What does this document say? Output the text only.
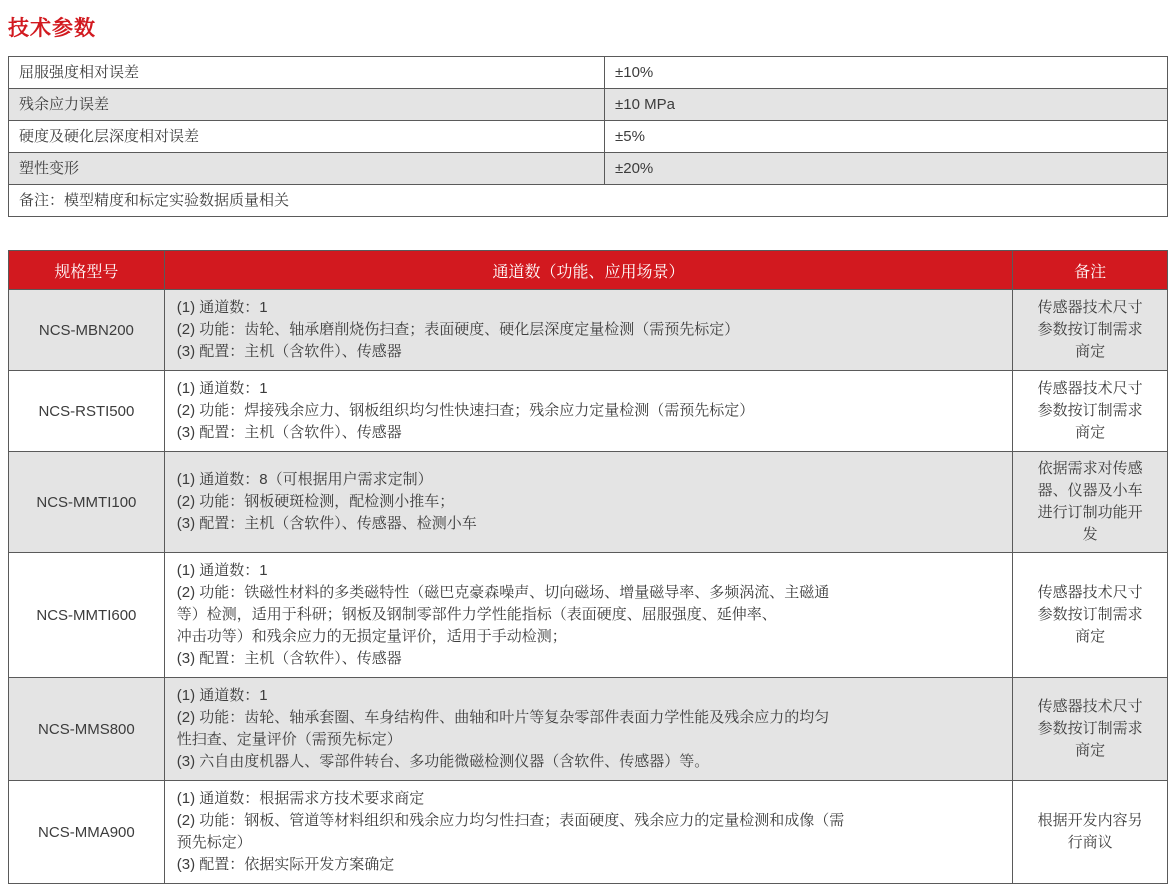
技术参数
屈服强度相对误差	±10%
残余应力误差	±10 MPa
硬度及硬化层深度相对误差	±5%
塑性变形	±20%
备注：模型精度和标定实验数据质量相关	
规格型号	通道数（功能、应用场景）	备注
NCS-MBN200	(1) 通道数：1
(2) 功能：齿轮、轴承磨削烧伤扫查；表面硬度、硬化层深度定量检测（需预先标定）
(3) 配置：主机（含软件）、传感器	传感器技术尺寸参数按订制需求商定
NCS-RSTI500	(1) 通道数：1
(2) 功能：焊接残余应力、钢板组织均匀性快速扫查；残余应力定量检测（需预先标定）
(3) 配置：主机（含软件）、传感器	传感器技术尺寸参数按订制需求商定
NCS-MMTI100	(1) 通道数：8（可根据用户需求定制）
(2) 功能：钢板硬斑检测，配检测小推车；
(3) 配置：主机（含软件）、传感器、检测小车	依据需求对传感器、仪器及小车进行订制功能开发
NCS-MMTI600	(1) 通道数：1
(2) 功能：铁磁性材料的多类磁特性（磁巴克豪森噪声、切向磁场、增量磁导率、多频涡流、主磁通
等）检测，适用于科研；钢板及钢制零部件力学性能指标（表面硬度、屈服强度、延伸率、
冲击功等）和残余应力的无损定量评价，适用于手动检测；
(3) 配置：主机（含软件）、传感器	传感器技术尺寸参数按订制需求商定
NCS-MMS800	(1) 通道数：1
(2) 功能：齿轮、轴承套圈、车身结构件、曲轴和叶片等复杂零部件表面力学性能及残余应力的均匀
性扫查、定量评价（需预先标定）
(3) 六自由度机器人、零部件转台、多功能微磁检测仪器（含软件、传感器）等。	传感器技术尺寸参数按订制需求商定
NCS-MMA900	(1) 通道数：根据需求方技术要求商定
(2) 功能：钢板、管道等材料组织和残余应力均匀性扫查；表面硬度、残余应力的定量检测和成像（需
预先标定）
(3) 配置：依据实际开发方案确定	根据开发内容另行商议
